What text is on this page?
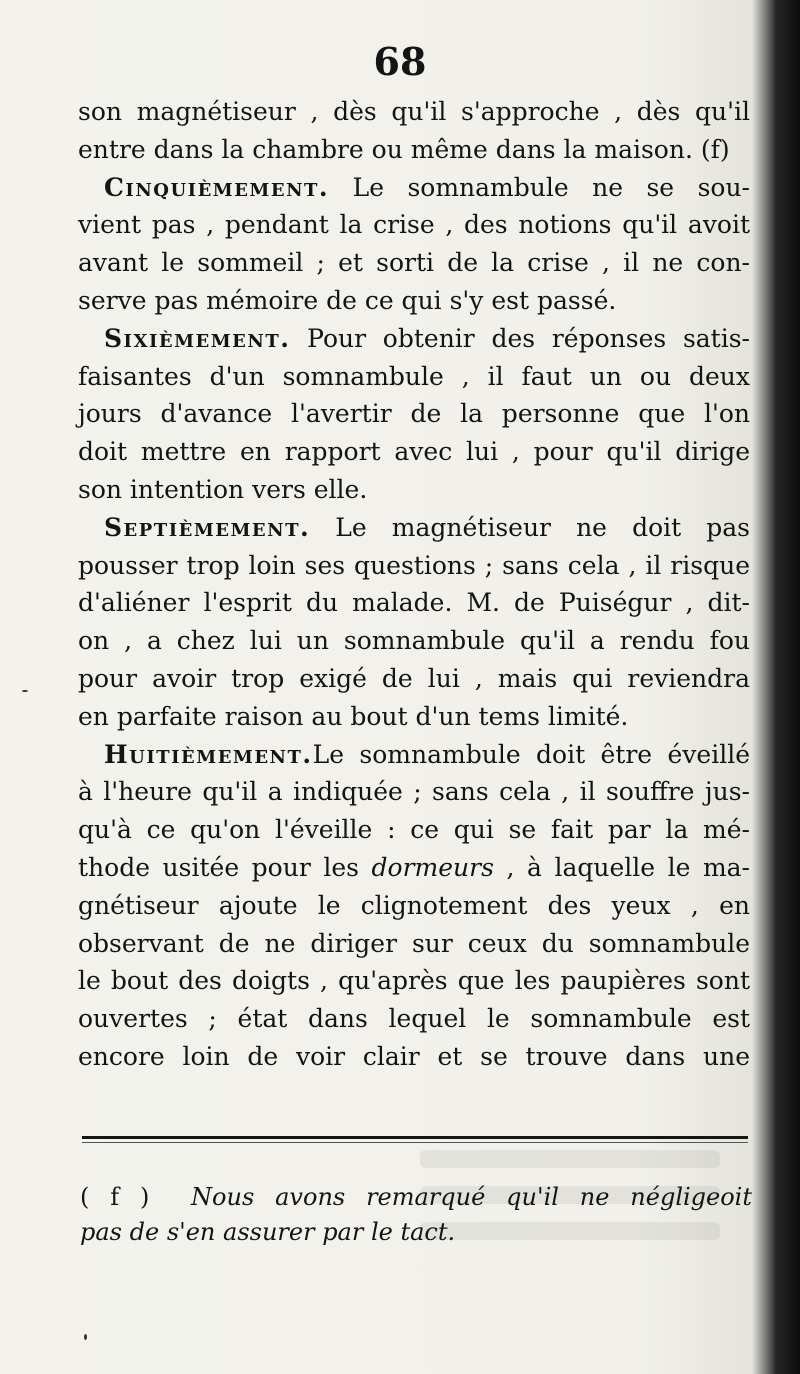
68
son magnétiseur , dès qu'il s'approche , dès qu'il
entre dans la chambre ou même dans la maison. (f)
Cinquièmement. Le somnambule ne se sou-
vient pas , pendant la crise , des notions qu'il avoit
avant le sommeil ; et sorti de la crise , il ne con-
serve pas mémoire de ce qui s'y est passé.
Sixièmement. Pour obtenir des réponses satis-
faisantes d'un somnambule , il faut un ou deux
jours d'avance l'avertir de la personne que l'on
doit mettre en rapport avec lui , pour qu'il dirige
son intention vers elle.
Septièmement. Le magnétiseur ne doit pas
pousser trop loin ses questions ; sans cela , il risque
d'aliéner l'esprit du malade. M. de Puiségur , dit-
on , a chez lui un somnambule qu'il a rendu fou
pour avoir trop exigé de lui , mais qui reviendra
en parfaite raison au bout d'un tems limité.
Huitièmement.Le somnambule doit être éveillé
à l'heure qu'il a indiquée ; sans cela , il souffre jus-
qu'à ce qu'on l'éveille : ce qui se fait par la mé-
thode usitée pour les dormeurs , à laquelle le ma-
gnétiseur ajoute le clignotement des yeux , en
observant de ne diriger sur ceux du somnambule
le bout des doigts , qu'après que les paupières sont
ouvertes ; état dans lequel le somnambule est
encore loin de voir clair et se trouve dans une
( f ) Nous avons remarqué qu'il ne négligeoit
pas de s'en assurer par le tact.
